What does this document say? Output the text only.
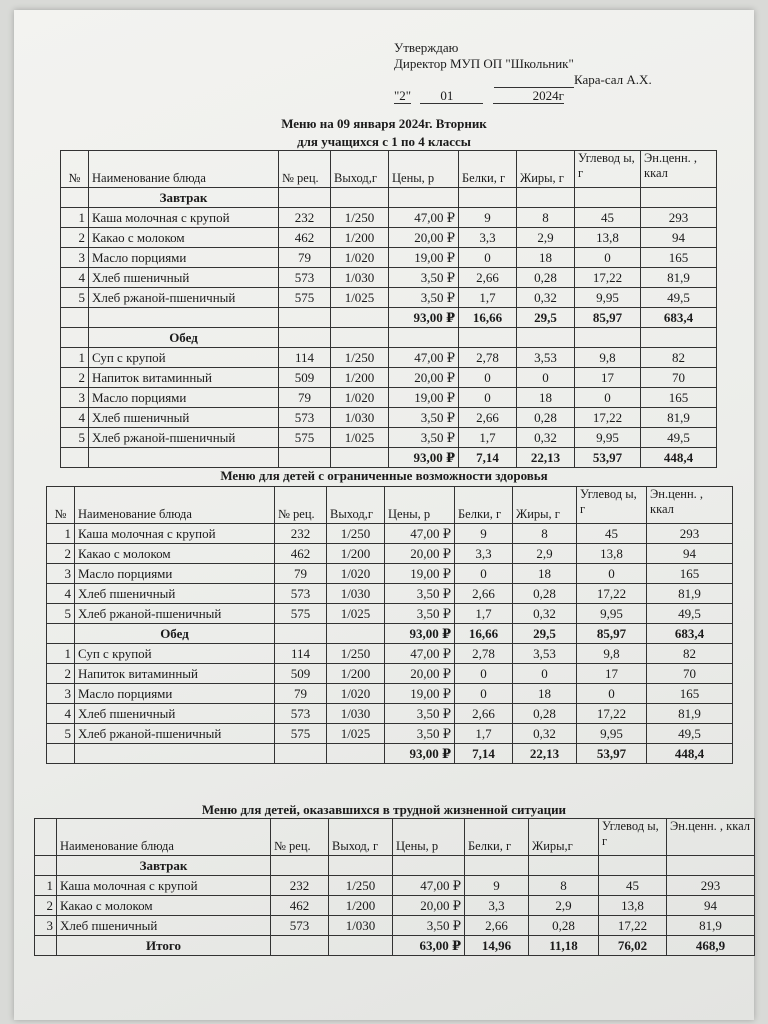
Утверждаю
Директор МУП ОП "Школьник"
Кара-сал А.Х.
"2" 01	2024г
Меню на 09 января 2024г. Вторник
для учащихся с 1 по 4 классы
№	Наименование блюда	№ рец.	Выход,г	Цены, р	Белки, г	Жиры, г	Углевод ы, г	Эн.ценн. , ккал
	Завтрак							
1	Каша молочная с крупой	232	1/250	47,00 ₽	9	8	45	293
2	Какао с молоком	462	1/200	20,00 ₽	3,3	2,9	13,8	94
3	Масло порциями	79	1/020	19,00 ₽	0	18	0	165
4	Хлеб пшеничный	573	1/030	3,50 ₽	2,66	0,28	17,22	81,9
5	Хлеб ржаной-пшеничный	575	1/025	3,50 ₽	1,7	0,32	9,95	49,5
				93,00 ₽	16,66	29,5	85,97	683,4
	Обед							
1	Суп с крупой	114	1/250	47,00 ₽	2,78	3,53	9,8	82
2	Напиток витаминный	509	1/200	20,00 ₽	0	0	17	70
3	Масло порциями	79	1/020	19,00 ₽	0	18	0	165
4	Хлеб пшеничный	573	1/030	3,50 ₽	2,66	0,28	17,22	81,9
5	Хлеб ржаной-пшеничный	575	1/025	3,50 ₽	1,7	0,32	9,95	49,5
				93,00 ₽	7,14	22,13	53,97	448,4
Меню для детей с ограниченные возможности здоровья
№	Наименование блюда	№ рец.	Выход,г	Цены, р	Белки, г	Жиры, г	Углевод ы, г	Эн.ценн. , ккал
1	Каша молочная с крупой	232	1/250	47,00 ₽	9	8	45	293
2	Какао с молоком	462	1/200	20,00 ₽	3,3	2,9	13,8	94
3	Масло порциями	79	1/020	19,00 ₽	0	18	0	165
4	Хлеб пшеничный	573	1/030	3,50 ₽	2,66	0,28	17,22	81,9
5	Хлеб ржаной-пшеничный	575	1/025	3,50 ₽	1,7	0,32	9,95	49,5
	Обед			93,00 ₽	16,66	29,5	85,97	683,4
1	Суп с крупой	114	1/250	47,00 ₽	2,78	3,53	9,8	82
2	Напиток витаминный	509	1/200	20,00 ₽	0	0	17	70
3	Масло порциями	79	1/020	19,00 ₽	0	18	0	165
4	Хлеб пшеничный	573	1/030	3,50 ₽	2,66	0,28	17,22	81,9
5	Хлеб ржаной-пшеничный	575	1/025	3,50 ₽	1,7	0,32	9,95	49,5
				93,00 ₽	7,14	22,13	53,97	448,4
Меню для детей, оказавшихся в трудной жизненной ситуации
	Наименование блюда	№ рец.	Выход, г	Цены, р	Белки, г	Жиры,г	Углевод ы, г	Эн.ценн. , ккал
	Завтрак							
1	Каша молочная с крупой	232	1/250	47,00 ₽	9	8	45	293
2	Какао с молоком	462	1/200	20,00 ₽	3,3	2,9	13,8	94
3	Хлеб пшеничный	573	1/030	3,50 ₽	2,66	0,28	17,22	81,9
	Итого			63,00 ₽	14,96	11,18	76,02	468,9
